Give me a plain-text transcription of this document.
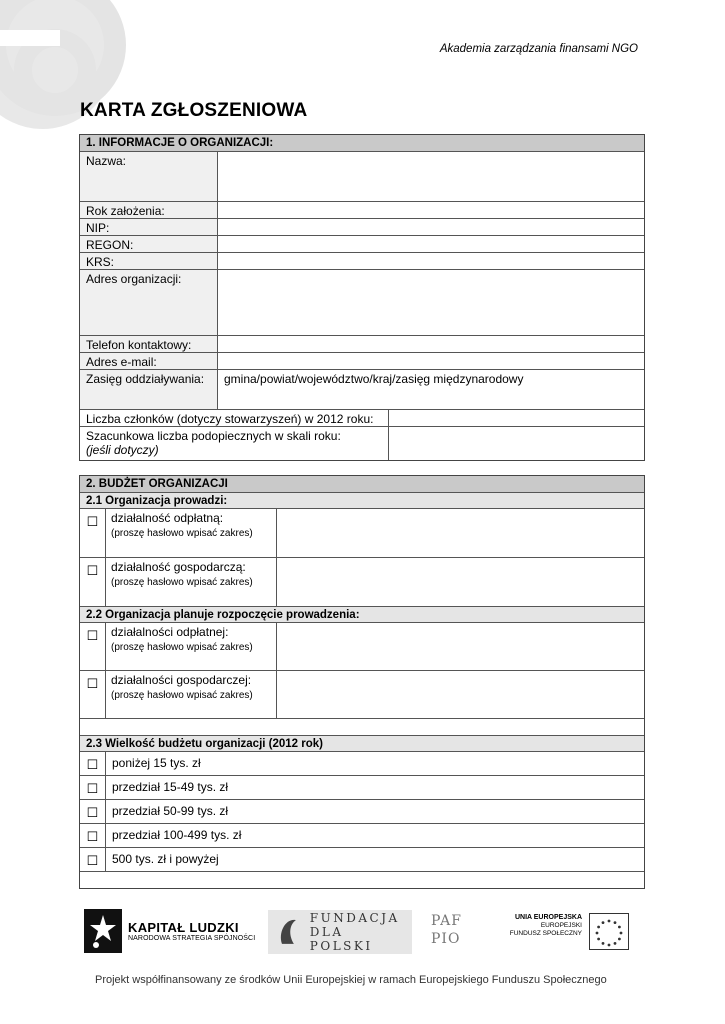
Akademia zarządzania finansami NGO
KARTA ZGŁOSZENIOWA
1. INFORMACJE O ORGANIZACJI:
Nazwa:
Rok założenia:
NIP:
REGON:
KRS:
Adres organizacji:
Telefon kontaktowy:
Adres e-mail:
Zasięg oddziaływania:	gmina/powiat/województwo/kraj/zasięg międzynarodowy
Liczba członków (dotyczy stowarzyszeń) w 2012 roku:
Szacunkowa liczba podopiecznych w skali roku:
(jeśli dotyczy)
2. BUDŻET ORGANIZACJI
2.1 Organizacja prowadzi:
☐	działalność odpłatną:
(proszę hasłowo wpisać zakres)
☐	działalność gospodarczą:
(proszę hasłowo wpisać zakres)
2.2 Organizacja planuje rozpoczęcie prowadzenia:
☐	działalności odpłatnej:
(proszę hasłowo wpisać zakres)
☐	działalności gospodarczej:
(proszę hasłowo wpisać zakres)
2.3 Wielkość budżetu organizacji (2012 rok)
☐	poniżej 15 tys. zł
☐	przedział 15-49 tys. zł
☐	przedział 50-99 tys. zł
☐	przedział 100-499 tys. zł
☐	500 tys. zł i powyżej
KAPITAŁ LUDZKI
NARODOWA STRATEGIA SPÓJNOŚCI
FUNDACJA
DLA POLSKI
PAF
PIO
UNIA EUROPEJSKA
EUROPEJSKI
FUNDUSZ SPOŁECZNY
Projekt współfinansowany ze środków Unii Europejskiej w ramach Europejskiego Funduszu Społecznego
